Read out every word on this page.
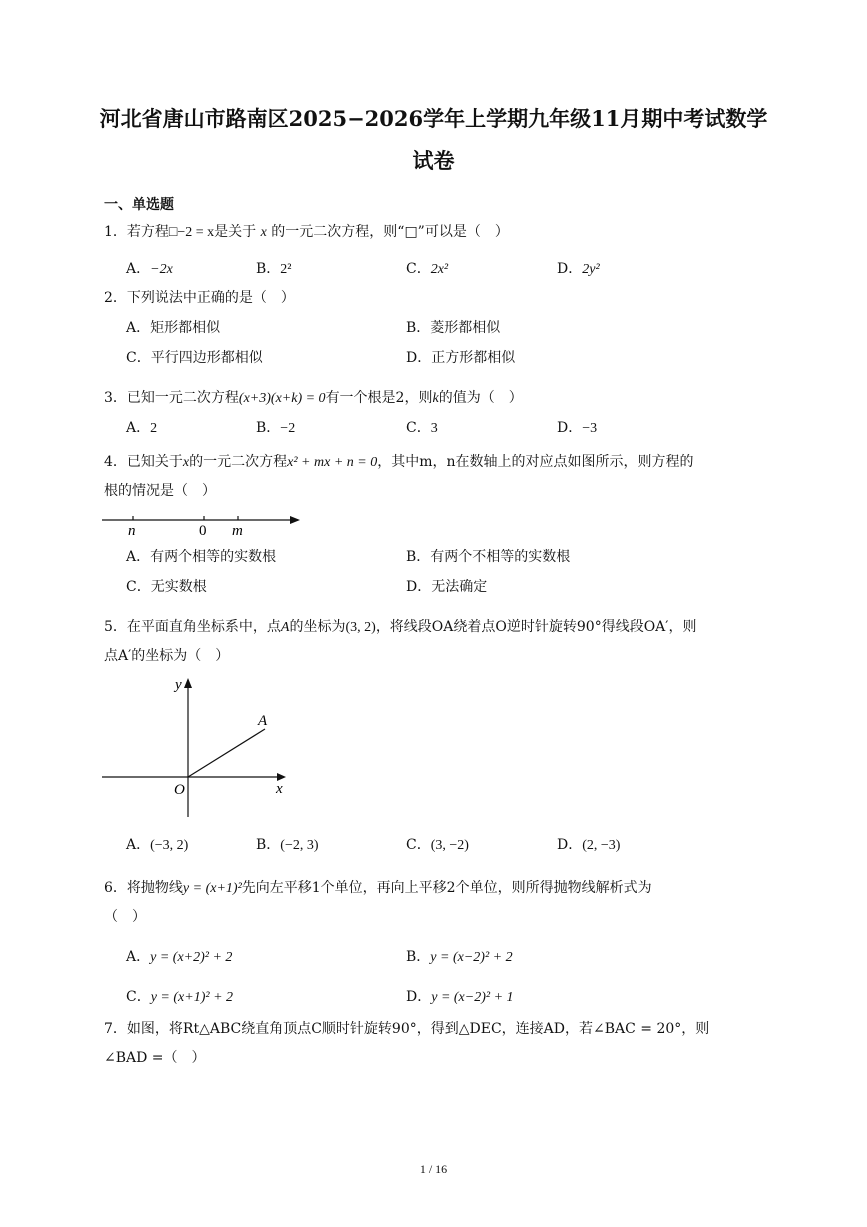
河北省唐山市路南区2025−2026学年上学期九年级11月期中考试数学
试卷
一、单选题
1．若方程□−2 = x是关于 x 的一元二次方程，则“□”可以是（　）
A．−2x	B．2²	C．2x²	D．2y²
2．下列说法中正确的是（　）
A．矩形都相似	B．菱形都相似
C．平行四边形都相似	D．正方形都相似
3．已知一元二次方程(x+3)(x+k) = 0有一个根是2，则k的值为（　）
A．2	B．−2	C．3	D．−3
4．已知关于x的一元二次方程x² + mx + n = 0，其中m，n在数轴上的对应点如图所示，则方程的
根的情况是（　）
n	0 m
A．有两个相等的实数根	B．有两个不相等的实数根
C．无实数根	D．无法确定
5．在平面直角坐标系中，点A的坐标为(3, 2)，将线段OA绕着点O逆时针旋转90°得线段OA′，则
点A′的坐标为（　）
y
x
O
A
A．(−3, 2)	B．(−2, 3)	C．(3, −2)	D．(2, −3)
6．将抛物线y = (x+1)²先向左平移1个单位，再向上平移2个单位，则所得抛物线解析式为
（　）
A．y = (x+2)² + 2	B．y = (x−2)² + 2
C．y = (x+1)² + 2	D．y = (x−2)² + 1
7．如图，将Rt△ABC绕直角顶点C顺时针旋转90°，得到△DEC，连接AD，若∠BAC = 20°，则
∠BAD =（　）
1 / 16
